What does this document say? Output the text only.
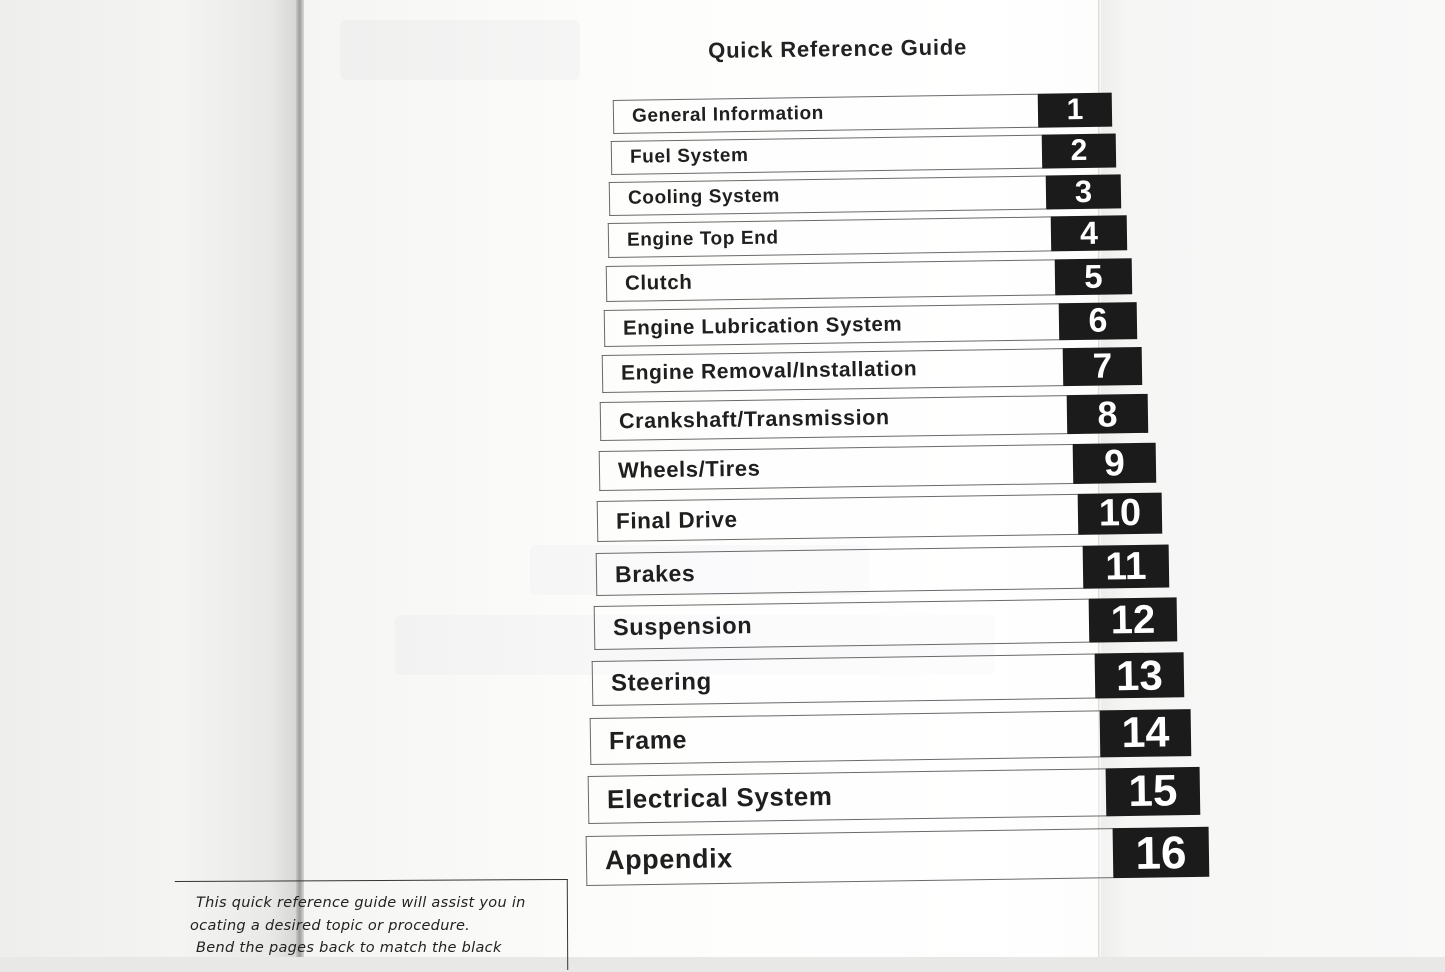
Quick Reference Guide
General Information	1
Fuel System	2
Cooling System	3
Engine Top End	4
Clutch	5
Engine Lubrication System	6
Engine Removal/Installation	7
Crankshaft/Transmission	8
Wheels/Tires	9
Final Drive	10
Brakes	11
Suspension	12
Steering	13
Frame	14
Electrical System	15
Appendix	16
This quick reference guide will assist you in
ocating a desired topic or procedure.
Bend the pages back to match the black
